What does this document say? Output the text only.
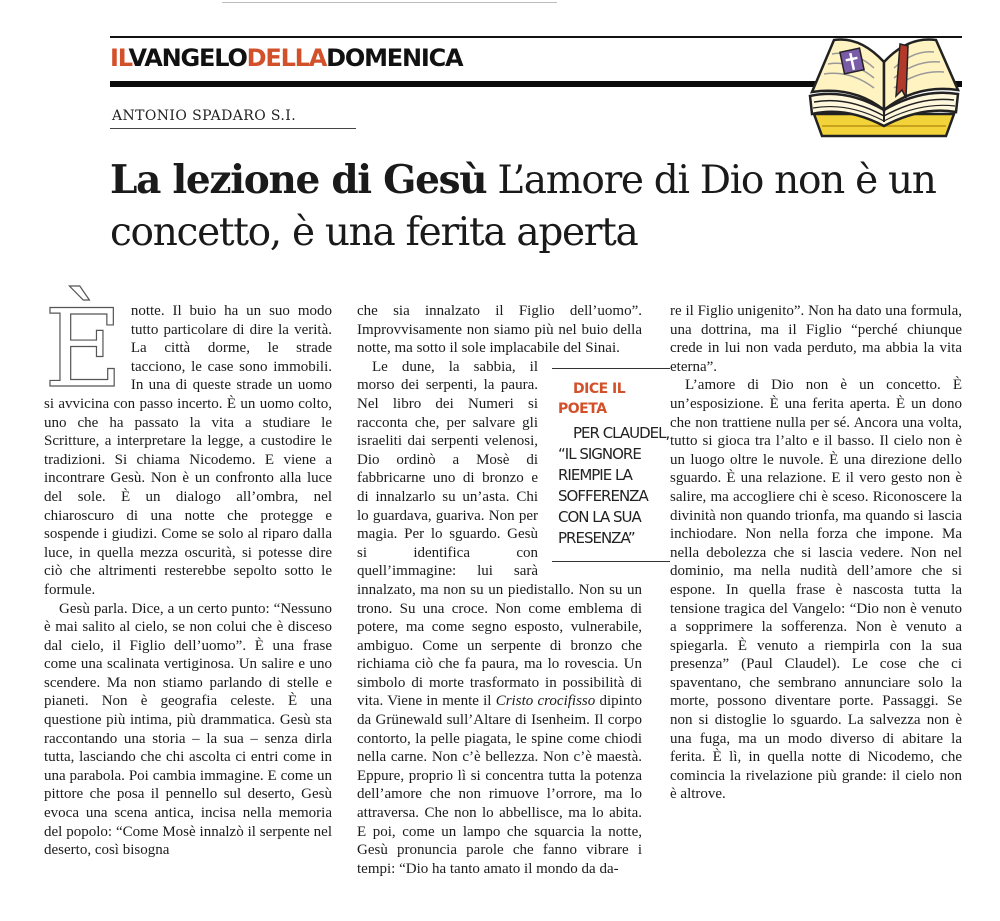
ILVANGELODELLADOMENICA
ANTONIO SPADARO S.I.
La lezione di Gesù L’amore di Dio non è un concetto, è una ferita aperta

È notte. Il buio ha un suo modo tutto particolare di dire la verità. La città dorme, le strade tacciono, le case sono immobili. In una di queste strade un uomo si avvicina con passo incerto. È un uomo colto, uno che ha passato la vita a studiare le Scritture, a interpretare la legge, a custodire le tradizioni. Si chiama Nicodemo. E viene a incontrare Gesù. Non è un confronto alla luce del sole. È un dialogo all’ombra, nel chiaroscuro di una notte che protegge e sospende i giudizi. Come se solo al riparo dalla luce, in quella mezza oscurità, si potesse dire ciò che altrimenti resterebbe sepolto sotto le formule.

Gesù parla. Dice, a un certo punto: “Nessuno è mai salito al cielo, se non colui che è disceso dal cielo, il Figlio dell’uomo”. È una frase come una scalinata vertiginosa. Un salire e uno scendere. Ma non stiamo parlando di stelle e pianeti. Non è geografia celeste. È una questione più intima, più drammatica. Gesù sta raccontando una storia – la sua – senza dirla tutta, lasciando che chi ascolta ci entri come in una parabola. Poi cambia immagine. E come un pittore che posa il pennello sul deserto, Gesù evoca una scena antica, incisa nella memoria del popolo: “Come Mosè innalzò il serpente nel deserto, così bisogna

che sia innalzato il Figlio dell’uomo”. Improvvisamente non siamo più nel buio della notte, ma sotto il sole implacabile del Sinai.

DICE IL POETA
PER CLAUDEL, “IL SIGNORE RIEMPIE LA SOFFERENZA CON LA SUA PRESENZA”
Le dune, la sabbia, il morso dei serpenti, la paura. Nel libro dei Numeri si racconta che, per salvare gli israeliti dai serpenti velenosi, Dio ordinò a Mosè di fabbricarne uno di bronzo e di innalzarlo su un’asta. Chi lo guardava, guariva. Non per magia. Per lo sguardo. Gesù si identifica con quell’immagine: lui sarà innalzato, ma non su un piedistallo. Non su un trono. Su una croce. Non come emblema di potere, ma come segno esposto, vulnerabile, ambiguo. Come un serpente di bronzo che richiama ciò che fa paura, ma lo rovescia. Un simbolo di morte trasformato in possibilità di vita. Viene in mente il Cristo crocifisso dipinto da Grünewald sull’Altare di Isenheim. Il corpo contorto, la pelle piagata, le spine come chiodi nella carne. Non c’è bellezza. Non c’è maestà. Eppure, proprio lì si concentra tutta la potenza dell’amore che non rimuove l’orrore, ma lo attraversa. Che non lo abbellisce, ma lo abita. E poi, come un lampo che squarcia la notte, Gesù pronuncia parole che fanno vibrare i tempi: “Dio ha tanto amato il mondo da da-

re il Figlio unigenito”. Non ha dato una formula, una dottrina, ma il Figlio “perché chiunque crede in lui non vada perduto, ma abbia la vita eterna”.

L’amore di Dio non è un concetto. È un’esposizione. È una ferita aperta. È un dono che non trattiene nulla per sé. Ancora una volta, tutto si gioca tra l’alto e il basso. Il cielo non è un luogo oltre le nuvole. È una direzione dello sguardo. È una relazione. E il vero gesto non è salire, ma accogliere chi è sceso. Riconoscere la divinità non quando trionfa, ma quando si lascia inchiodare. Non nella forza che impone. Ma nella debolezza che si lascia vedere. Non nel dominio, ma nella nudità dell’amore che si espone. In quella frase è nascosta tutta la tensione tragica del Vangelo: “Dio non è venuto a sopprimere la sofferenza. Non è venuto a spiegarla. È venuto a riempirla con la sua presenza” (Paul Claudel). Le cose che ci spaventano, che sembrano annunciare solo la morte, possono diventare porte. Passaggi. Se non si distoglie lo sguardo. La salvezza non è una fuga, ma un modo diverso di abitare la ferita. È lì, in quella notte di Nicodemo, che comincia la rivelazione più grande: il cielo non è altrove.
